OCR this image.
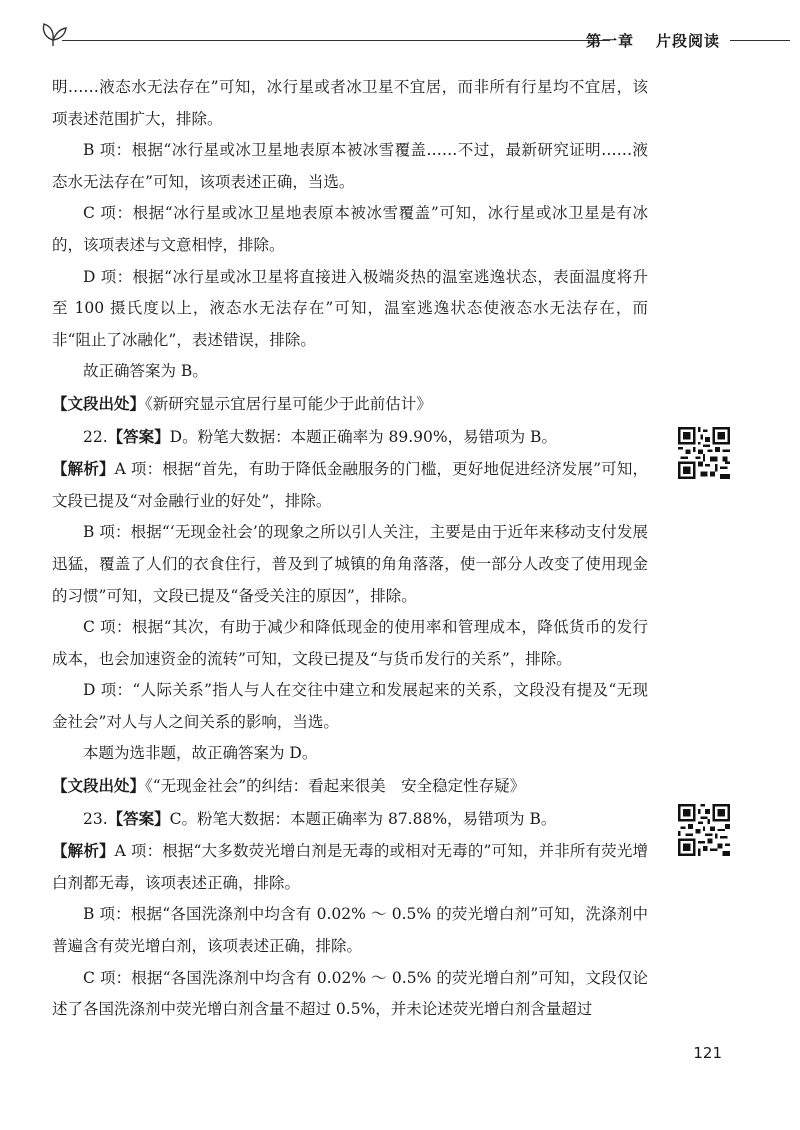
第一章 片段阅读

明……液态水无法存在”可知，冰行星或者冰卫星不宜居，而非所有行星均不宜居，该项表述范围扩大，排除。

B 项：根据“冰行星或冰卫星地表原本被冰雪覆盖……不过，最新研究证明……液态水无法存在”可知，该项表述正确，当选。

C 项：根据“冰行星或冰卫星地表原本被冰雪覆盖”可知，冰行星或冰卫星是有冰的，该项表述与文意相悖，排除。

D 项：根据“冰行星或冰卫星将直接进入极端炎热的温室逃逸状态，表面温度将升至 100 摄氏度以上，液态水无法存在”可知，温室逃逸状态使液态水无法存在，而非“阻止了冰融化”，表述错误，排除。

故正确答案为 B。

【文段出处】《新研究显示宜居行星可能少于此前估计》

22.【答案】D。粉笔大数据：本题正确率为 89.90%，易错项为 B。

【解析】A 项：根据“首先，有助于降低金融服务的门槛，更好地促进经济发展”可知，文段已提及“对金融行业的好处”，排除。

B 项：根据“‘无现金社会’的现象之所以引人关注，主要是由于近年来移动支付发展迅猛，覆盖了人们的衣食住行，普及到了城镇的角角落落，使一部分人改变了使用现金的习惯”可知，文段已提及“备受关注的原因”，排除。

C 项：根据“其次，有助于减少和降低现金的使用率和管理成本，降低货币的发行成本，也会加速资金的流转”可知，文段已提及“与货币发行的关系”，排除。

D 项：“人际关系”指人与人在交往中建立和发展起来的关系，文段没有提及“无现金社会”对人与人之间关系的影响，当选。

本题为选非题，故正确答案为 D。

【文段出处】《“无现金社会”的纠结：看起来很美　安全稳定性存疑》

23.【答案】C。粉笔大数据：本题正确率为 87.88%，易错项为 B。

【解析】A 项：根据“大多数荧光增白剂是无毒的或相对无毒的”可知，并非所有荧光增白剂都无毒，该项表述正确，排除。

B 项：根据“各国洗涤剂中均含有 0.02% ～ 0.5% 的荧光增白剂”可知，洗涤剂中普遍含有荧光增白剂，该项表述正确，排除。

C 项：根据“各国洗涤剂中均含有 0.02% ～ 0.5% 的荧光增白剂”可知，文段仅论述了各国洗涤剂中荧光增白剂含量不超过 0.5%，并未论述荧光增白剂含量超过

121
